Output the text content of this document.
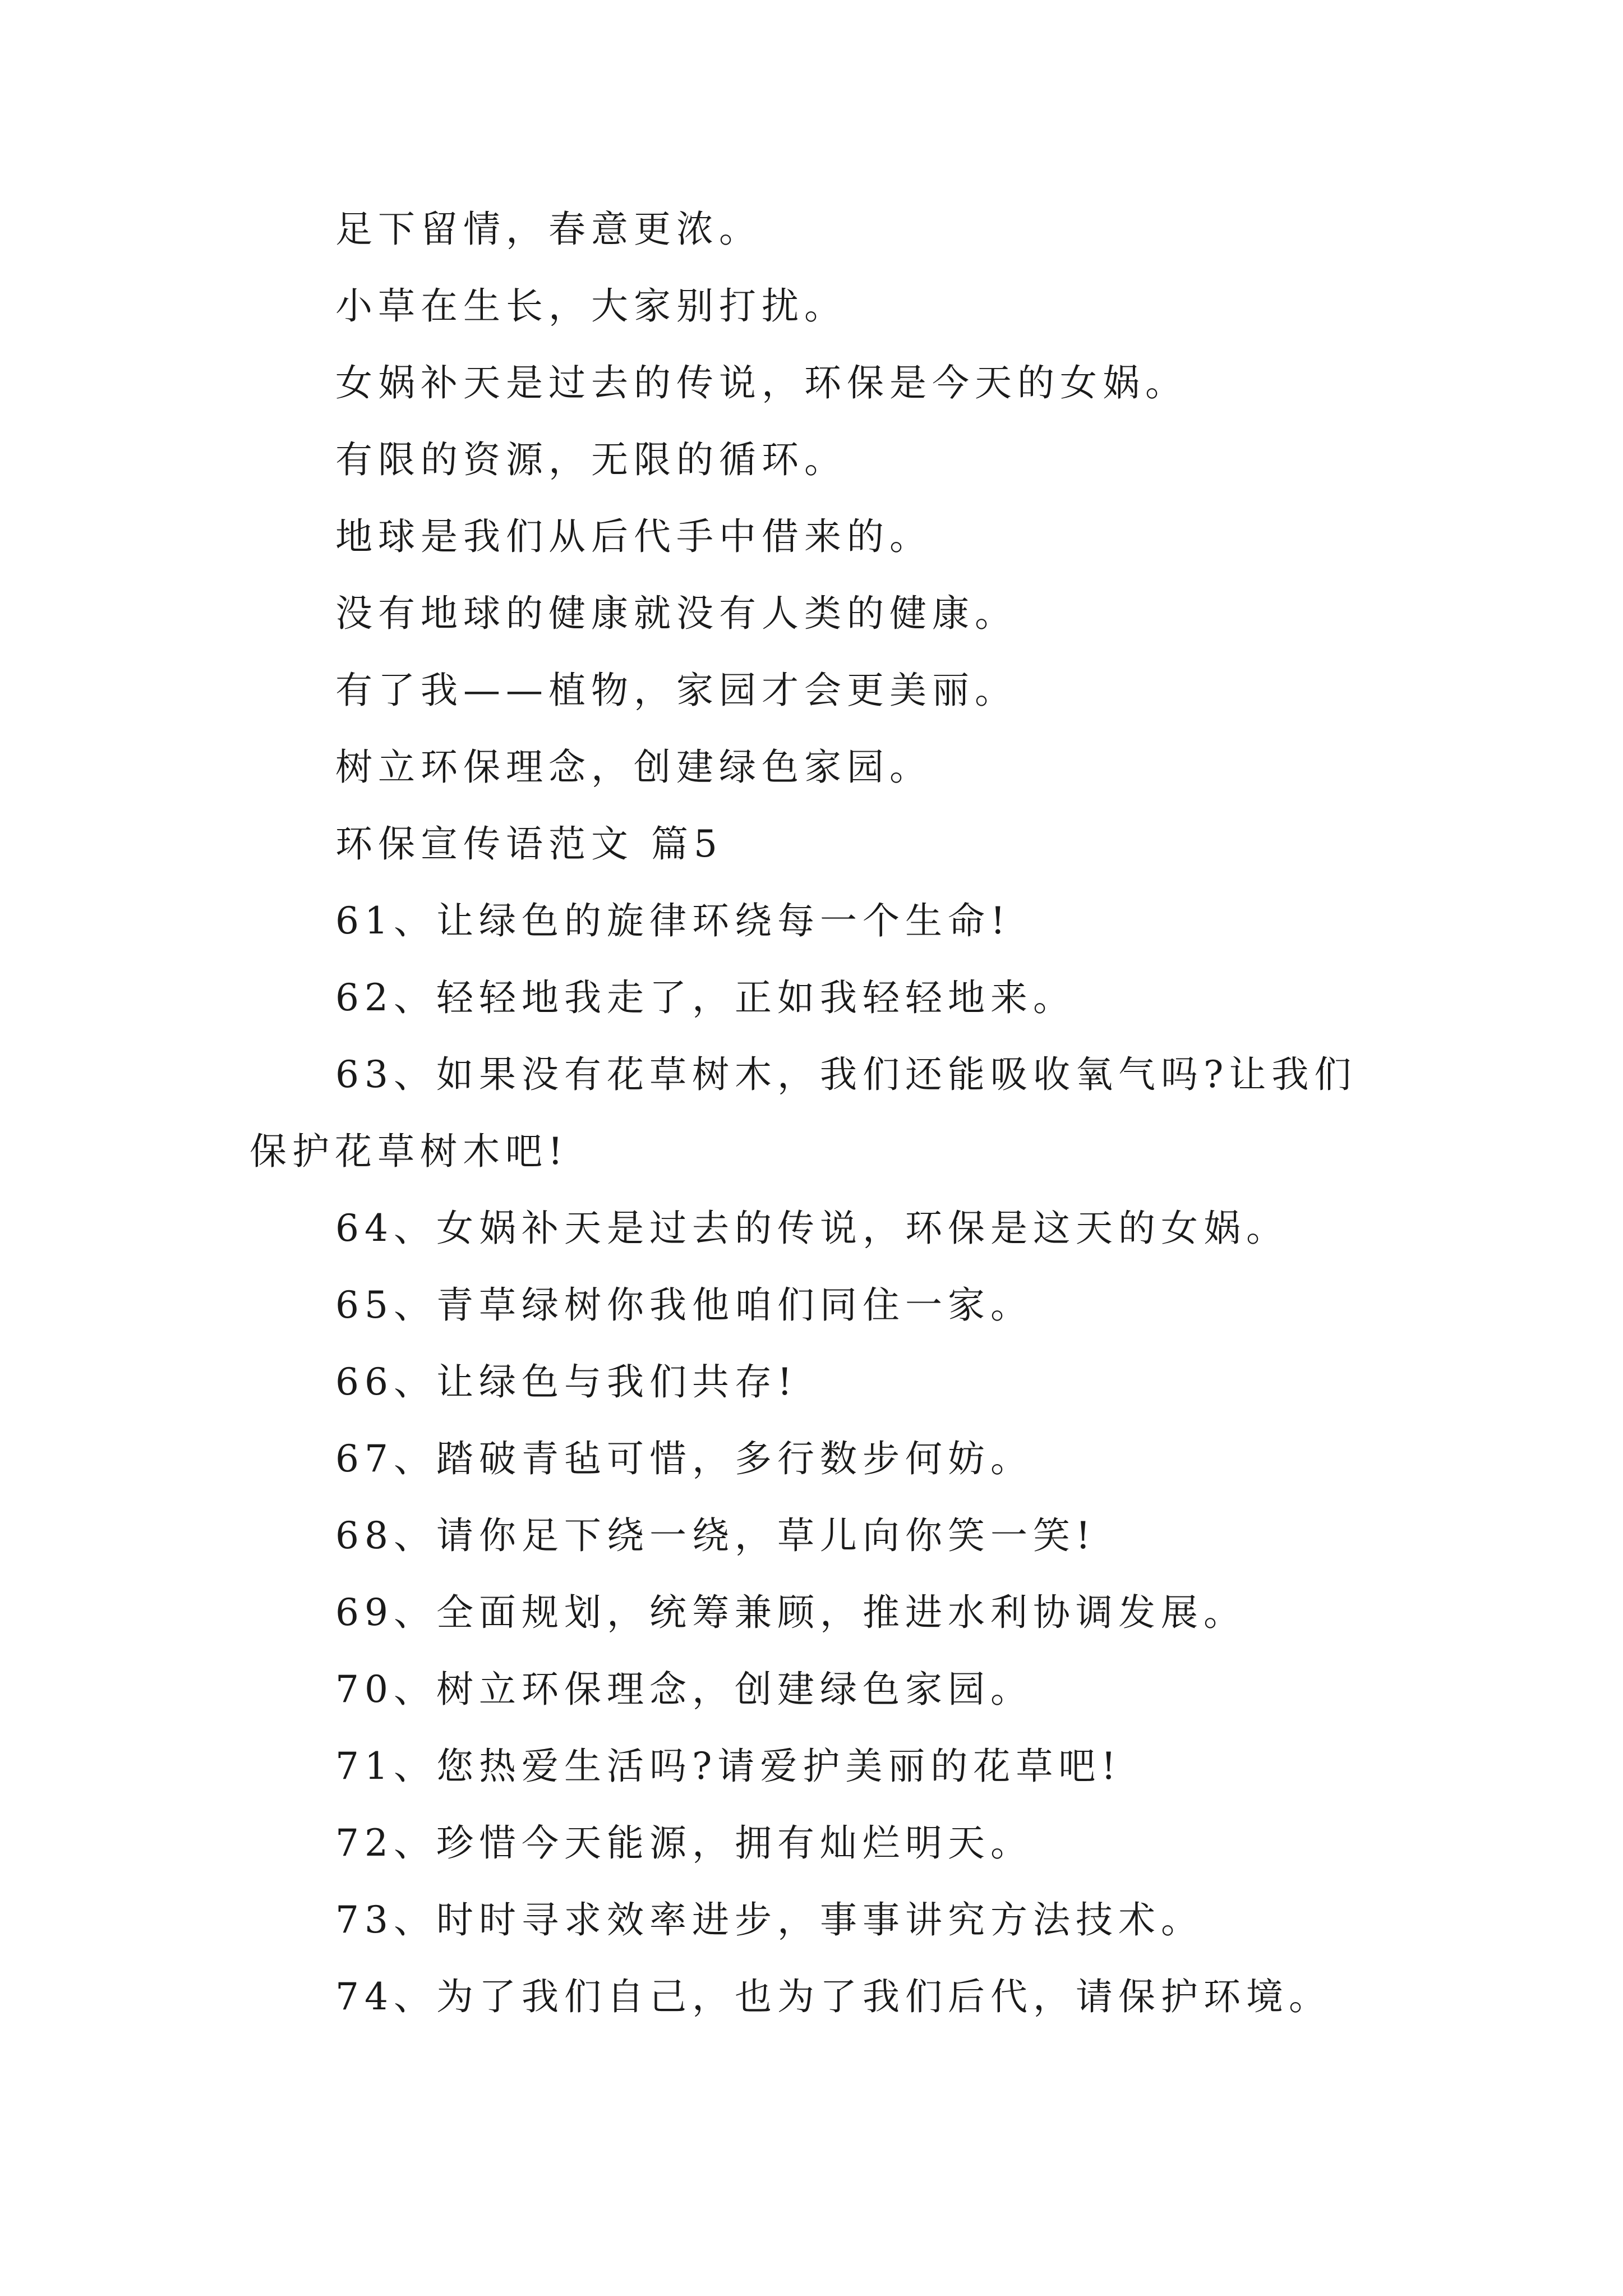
足下留情，春意更浓。

小草在生长，大家别打扰。

女娲补天是过去的传说，环保是今天的女娲。

有限的资源，无限的循环。

地球是我们从后代手中借来的。

没有地球的健康就没有人类的健康。

有了我——植物，家园才会更美丽。

树立环保理念，创建绿色家园。

环保宣传语范文 篇5

61、让绿色的旋律环绕每一个生命!

62、轻轻地我走了，正如我轻轻地来。

63、如果没有花草树木，我们还能吸收氧气吗?让我们

保护花草树木吧!

64、女娲补天是过去的传说，环保是这天的女娲。

65、青草绿树你我他咱们同住一家。

66、让绿色与我们共存!

67、踏破青毡可惜，多行数步何妨。

68、请你足下绕一绕，草儿向你笑一笑!

69、全面规划，统筹兼顾，推进水利协调发展。

70、树立环保理念，创建绿色家园。

71、您热爱生活吗?请爱护美丽的花草吧!

72、珍惜今天能源，拥有灿烂明天。

73、时时寻求效率进步，事事讲究方法技术。

74、为了我们自己，也为了我们后代，请保护环境。
